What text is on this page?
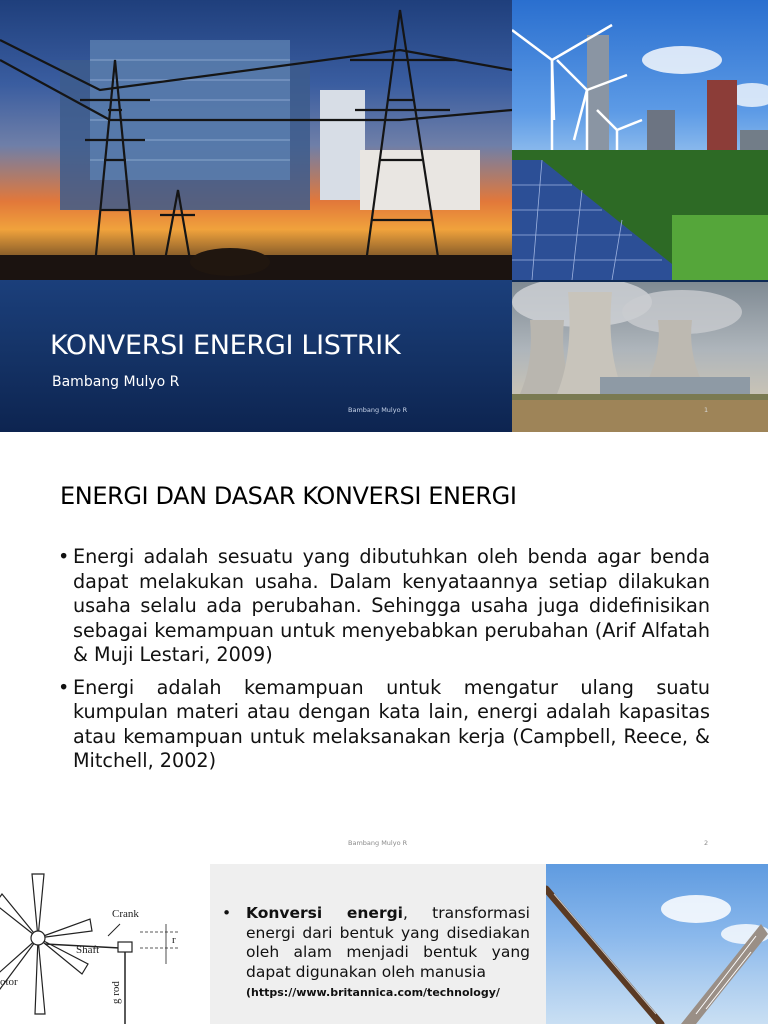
KONVERSI ENERGI LISTRIK
Bambang Mulyo R
Bambang Mulyo R	1
ENERGI DAN DASAR KONVERSI ENERGI
• Energi adalah sesuatu yang dibutuhkan oleh benda agar benda dapat melakukan usaha. Dalam kenyataannya setiap dilakukan usaha selalu ada perubahan. Sehingga usaha juga didefinisikan sebagai kemampuan untuk menyebabkan perubahan (Arif Alfatah & Muji Lestari, 2009)
• Energi adalah kemampuan untuk mengatur ulang suatu kumpulan materi atau dengan kata lain, energi adalah kapasitas atau kemampuan untuk melaksanakan kerja (Campbell, Reece, & Mitchell, 2002)
Bambang Mulyo R	2
Crank
Shaft
r
otor	g rod
• Konversi energi, transformasi energi dari bentuk yang disediakan oleh alam menjadi bentuk yang dapat digunakan oleh manusia
(https://www.britannica.com/technology/
